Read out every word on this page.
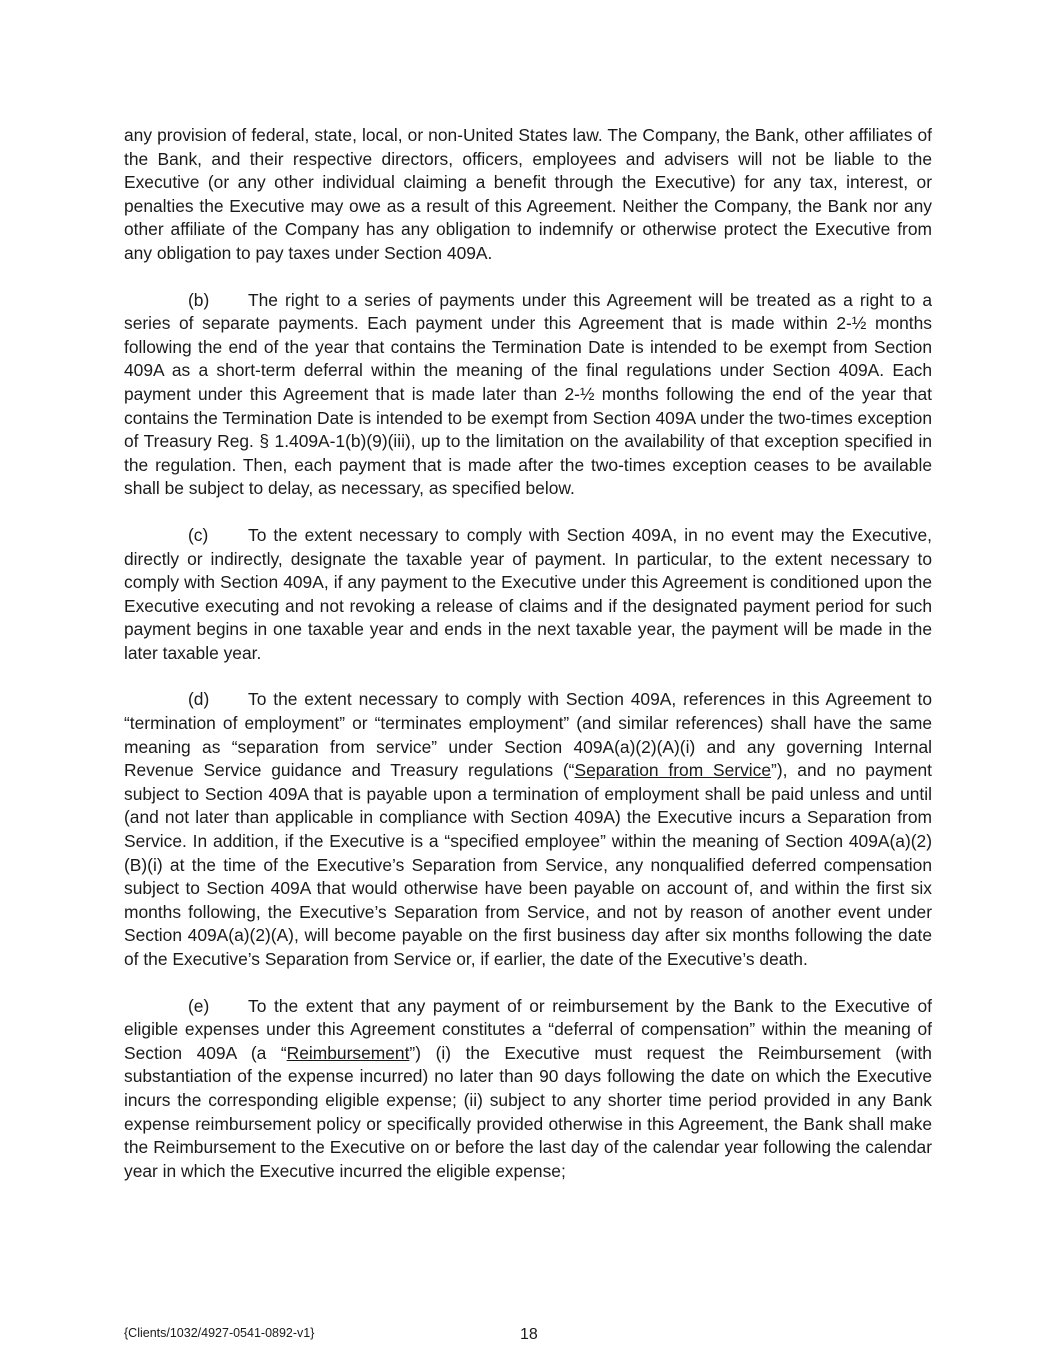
any provision of federal, state, local, or non-United States law. The Company, the Bank, other affiliates of the Bank, and their respective directors, officers, employees and advisers will not be liable to the Executive (or any other individual claiming a benefit through the Executive) for any tax, interest, or penalties the Executive may owe as a result of this Agreement. Neither the Company, the Bank nor any other affiliate of the Company has any obligation to indemnify or otherwise protect the Executive from any obligation to pay taxes under Section 409A.

(b) The right to a series of payments under this Agreement will be treated as a right to a series of separate payments. Each payment under this Agreement that is made within 2-½ months following the end of the year that contains the Termination Date is intended to be exempt from Section 409A as a short-term deferral within the meaning of the final regulations under Section 409A. Each payment under this Agreement that is made later than 2-½ months following the end of the year that contains the Termination Date is intended to be exempt from Section 409A under the two-times exception of Treasury Reg. § 1.409A-1(b)(9)(iii), up to the limitation on the availability of that exception specified in the regulation. Then, each payment that is made after the two-times exception ceases to be available shall be subject to delay, as necessary, as specified below.

(c) To the extent necessary to comply with Section 409A, in no event may the Executive, directly or indirectly, designate the taxable year of payment. In particular, to the extent necessary to comply with Section 409A, if any payment to the Executive under this Agreement is conditioned upon the Executive executing and not revoking a release of claims and if the designated payment period for such payment begins in one taxable year and ends in the next taxable year, the payment will be made in the later taxable year.

(d) To the extent necessary to comply with Section 409A, references in this Agreement to “termination of employment” or “terminates employment” (and similar references) shall have the same meaning as “separation from service” under Section 409A(a)(2)(A)(i) and any governing Internal Revenue Service guidance and Treasury regulations (“Separation from Service”), and no payment subject to Section 409A that is payable upon a termination of employment shall be paid unless and until (and not later than applicable in compliance with Section 409A) the Executive incurs a Separation from Service. In addition, if the Executive is a “specified employee” within the meaning of Section 409A(a)(2)(B)(i) at the time of the Executive’s Separation from Service, any nonqualified deferred compensation subject to Section 409A that would otherwise have been payable on account of, and within the first six months following, the Executive’s Separation from Service, and not by reason of another event under Section 409A(a)(2)(A), will become payable on the first business day after six months following the date of the Executive’s Separation from Service or, if earlier, the date of the Executive’s death.

(e) To the extent that any payment of or reimbursement by the Bank to the Executive of eligible expenses under this Agreement constitutes a “deferral of compensation” within the meaning of Section 409A (a “Reimbursement”) (i) the Executive must request the Reimbursement (with substantiation of the expense incurred) no later than 90 days following the date on which the Executive incurs the corresponding eligible expense; (ii) subject to any shorter time period provided in any Bank expense reimbursement policy or specifically provided otherwise in this Agreement, the Bank shall make the Reimbursement to the Executive on or before the last day of the calendar year following the calendar year in which the Executive incurred the eligible expense;

{Clients/1032/4927-0541-0892-v1}	18
